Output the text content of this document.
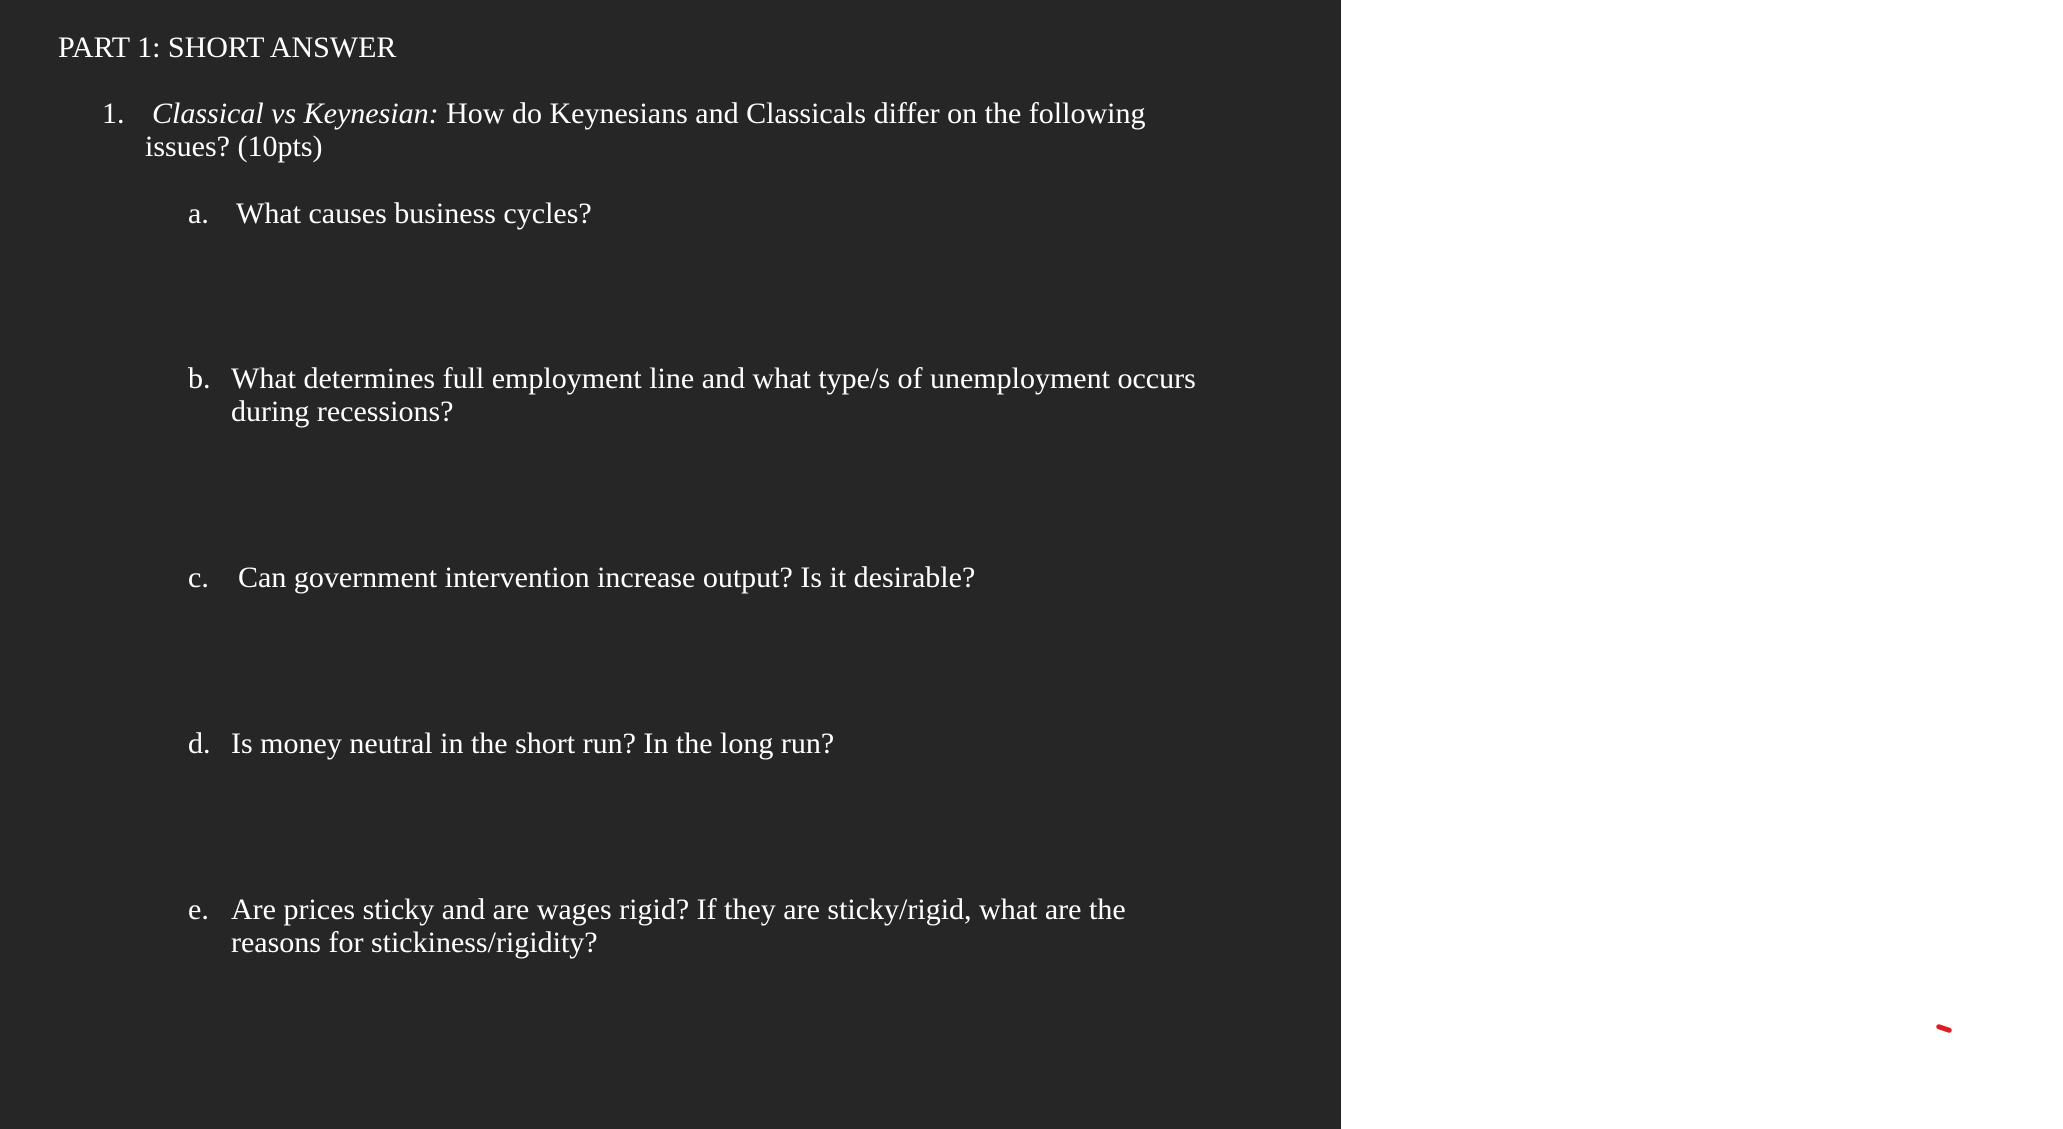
PART 1: SHORT ANSWER
1. Classical vs Keynesian: How do Keynesians and Classicals differ on the following
issues? (10pts)
a. What causes business cycles?
b. What determines full employment line and what type/s of unemployment occurs
during recessions?
c. Can government intervention increase output? Is it desirable?
d. Is money neutral in the short run? In the long run?
e. Are prices sticky and are wages rigid? If they are sticky/rigid, what are the
reasons for stickiness/rigidity?
